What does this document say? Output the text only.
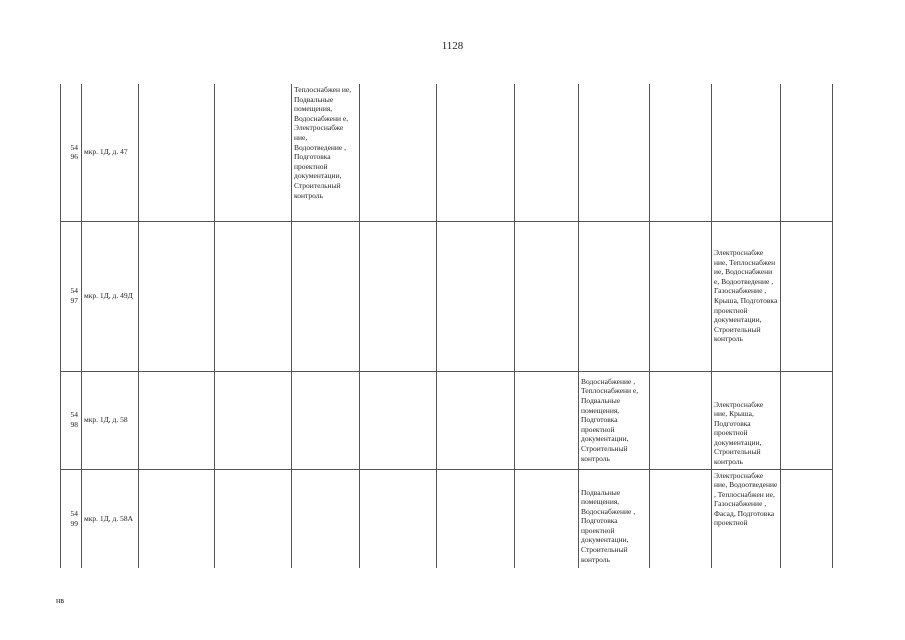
1128
54
96	мкр. 1Д, д. 47			Теплоснабжен ие, Подвальные помещения, Водоснабжени е, Электроснабже ние, Водоотведение , Подготовка проектной документации, Строительный контроль							
54
97	мкр. 1Д, д. 49Д									Электроснабже ние, Теплоснабжен ие, Водоснабжени е, Водоотведение , Газоснабжение , Крыша, Подготовка проектной документации, Строительный контроль	
54
98	мкр. 1Д, д. 58							Водоснабжение , Теплоснабжени е, Подвальные помещения, Подготовка проектной документации, Строительный контроль		Электроснабже ние, Крыша, Подготовка проектной документации, Строительный контроль	
54
99	мкр. 1Д, д. 58А							Подвальные помещения, Водоснабжение , Подготовка проектной документации, Строительный контроль		Электроснабже ние, Водоотведение , Теплоснабжен ие, Газоснабжение , Фасад, Подготовка проектной	
нв
